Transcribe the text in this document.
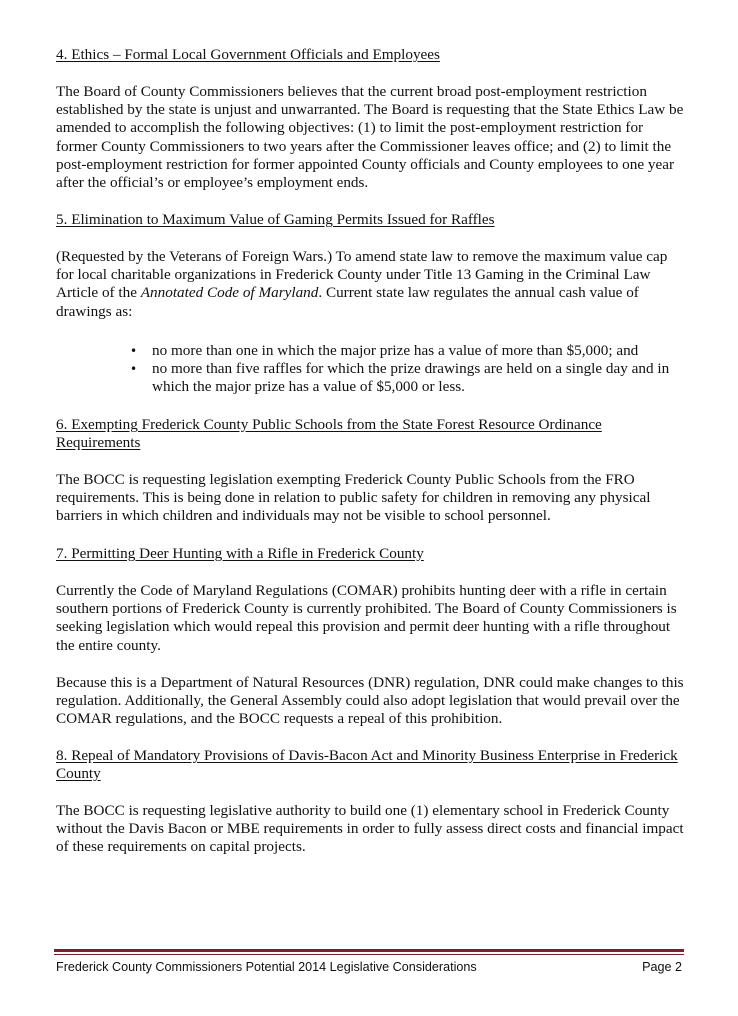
4. Ethics – Formal Local Government Officials and Employees

The Board of County Commissioners believes that the current broad post-employment restriction established by the state is unjust and unwarranted. The Board is requesting that the State Ethics Law be amended to accomplish the following objectives: (1) to limit the post-employment restriction for former County Commissioners to two years after the Commissioner leaves office; and (2) to limit the post-employment restriction for former appointed County officials and County employees to one year after the official’s or employee’s employment ends.

5. Elimination to Maximum Value of Gaming Permits Issued for Raffles

(Requested by the Veterans of Foreign Wars.) To amend state law to remove the maximum value cap for local charitable organizations in Frederick County under Title 13 Gaming in the Criminal Law Article of the Annotated Code of Maryland. Current state law regulates the annual cash value of drawings as:

• no more than one in which the major prize has a value of more than $5,000; and
• no more than five raffles for which the prize drawings are held on a single day and in which the major prize has a value of $5,000 or less.
6. Exempting Frederick County Public Schools from the State Forest Resource Ordinance Requirements

The BOCC is requesting legislation exempting Frederick County Public Schools from the FRO requirements. This is being done in relation to public safety for children in removing any physical barriers in which children and individuals may not be visible to school personnel.

7. Permitting Deer Hunting with a Rifle in Frederick County

Currently the Code of Maryland Regulations (COMAR) prohibits hunting deer with a rifle in certain southern portions of Frederick County is currently prohibited. The Board of County Commissioners is seeking legislation which would repeal this provision and permit deer hunting with a rifle throughout the entire county.

Because this is a Department of Natural Resources (DNR) regulation, DNR could make changes to this regulation. Additionally, the General Assembly could also adopt legislation that would prevail over the COMAR regulations, and the BOCC requests a repeal of this prohibition.

8. Repeal of Mandatory Provisions of Davis-Bacon Act and Minority Business Enterprise in Frederick County

The BOCC is requesting legislative authority to build one (1) elementary school in Frederick County without the Davis Bacon or MBE requirements in order to fully assess direct costs and financial impact of these requirements on capital projects.

Frederick County Commissioners Potential 2014 Legislative Considerations	Page 2
